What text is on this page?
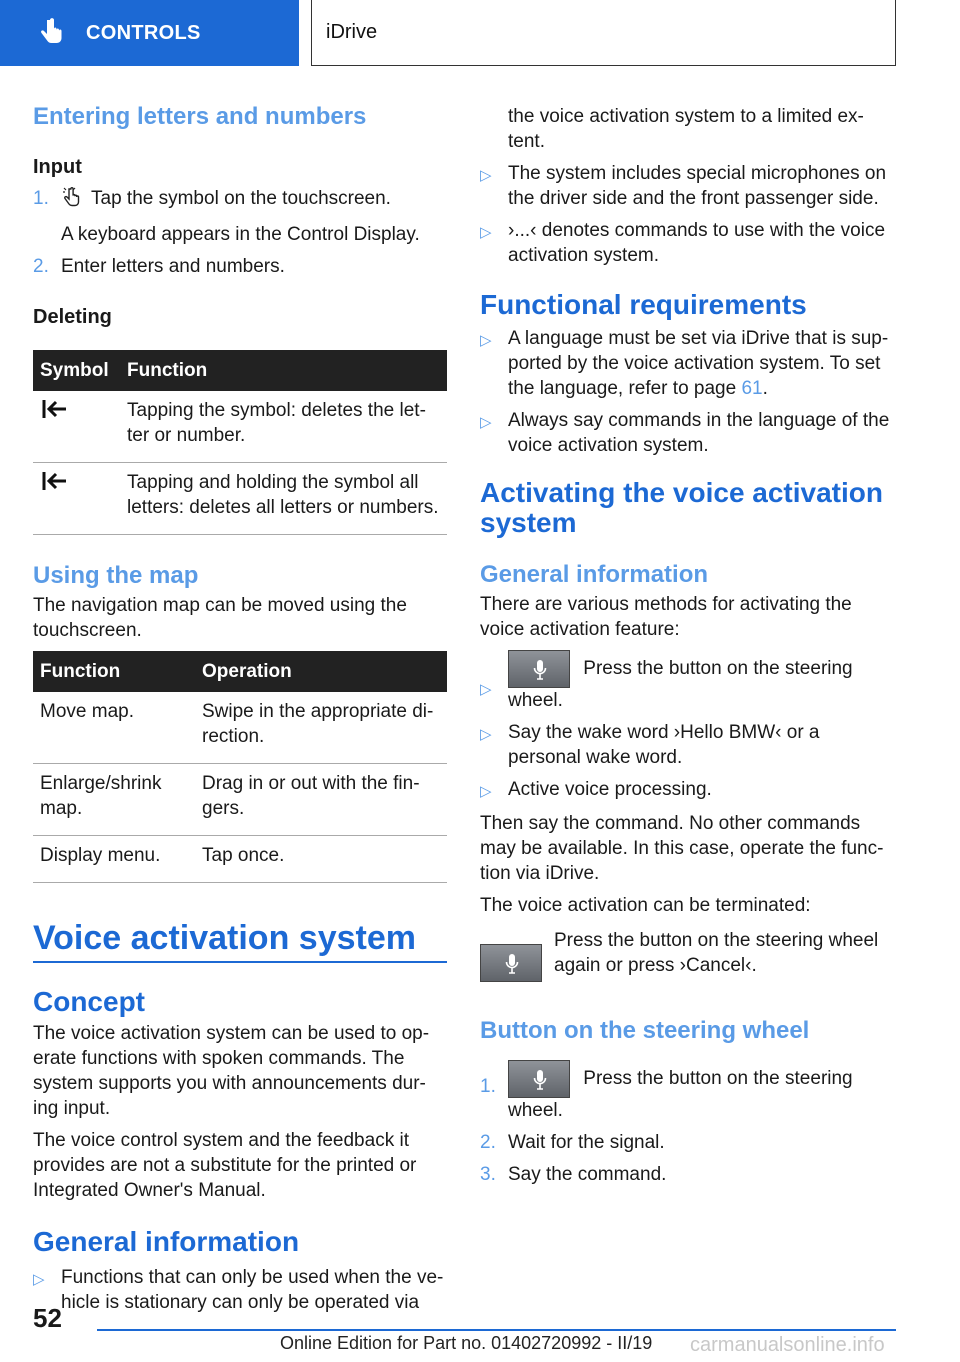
CONTROLS	iDrive
Entering letters and numbers
Input
1.	Tap the symbol on the touchscreen.
A keyboard appears in the Control Display.
2. Enter letters and numbers.
Deleting
Symbol	Function
	Tapping the symbol: deletes the let-ter or number.
	Tapping and holding the symbol all letters: deletes all letters or numbers.
Using the map

The navigation map can be moved using the touchscreen.

Function	Operation
Move map.	Swipe in the appropriate di-rection.
Enlarge/shrink map.	Drag in or out with the fin-gers.
Display menu.	Tap once.
Voice activation system
Concept

The voice activation system can be used to op-erate functions with spoken commands. The system supports you with announcements dur-ing input.

The voice control system and the feedback it provides are not a substitute for the printed or Integrated Owner's Manual.

General information
▷ Functions that can only be used when the ve-hicle is stationary can only be operated via

the voice activation system to a limited ex-tent.

▷ The system includes special microphones on the driver side and the front passenger side.
▷ ›...‹ denotes commands to use with the voice activation system.
Functional requirements
▷ A language must be set via iDrive that is sup-ported by the voice activation system. To set the language, refer to page 61.
▷ Always say commands in the language of the voice activation system.
Activating the voice activation system
General information

There are various methods for activating the voice activation feature:

▷
Press the button on the steering wheel.
▷ Say the wake word ›Hello BMW‹ or a personal wake word.
▷ Active voice processing.

Then say the command. No other commands may be available. In this case, operate the func-tion via iDrive.

The voice activation can be terminated:

Press the button on the steering wheel again or press ›Cancel‹.

Button on the steering wheel
1.	Press the button on the steering wheel.
2. Wait for the signal.
3. Say the command.
52
Online Edition for Part no. 01402720992 - II/19 carmanualsonline.info
